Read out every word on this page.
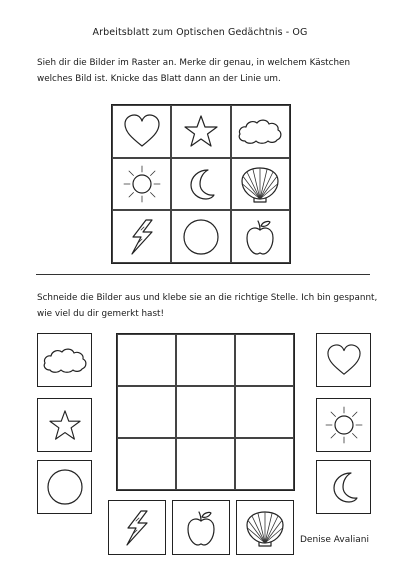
Arbeitsblatt zum Optischen Gedächtnis - OG
Sieh dir die Bilder im Raster an. Merke dir genau, in welchem Kästchen
welches Bild ist. Knicke das Blatt dann an der Linie um.
Schneide die Bilder aus und klebe sie an die richtige Stelle. Ich bin gespannt,
wie viel du dir gemerkt hast!
Denise Avaliani
